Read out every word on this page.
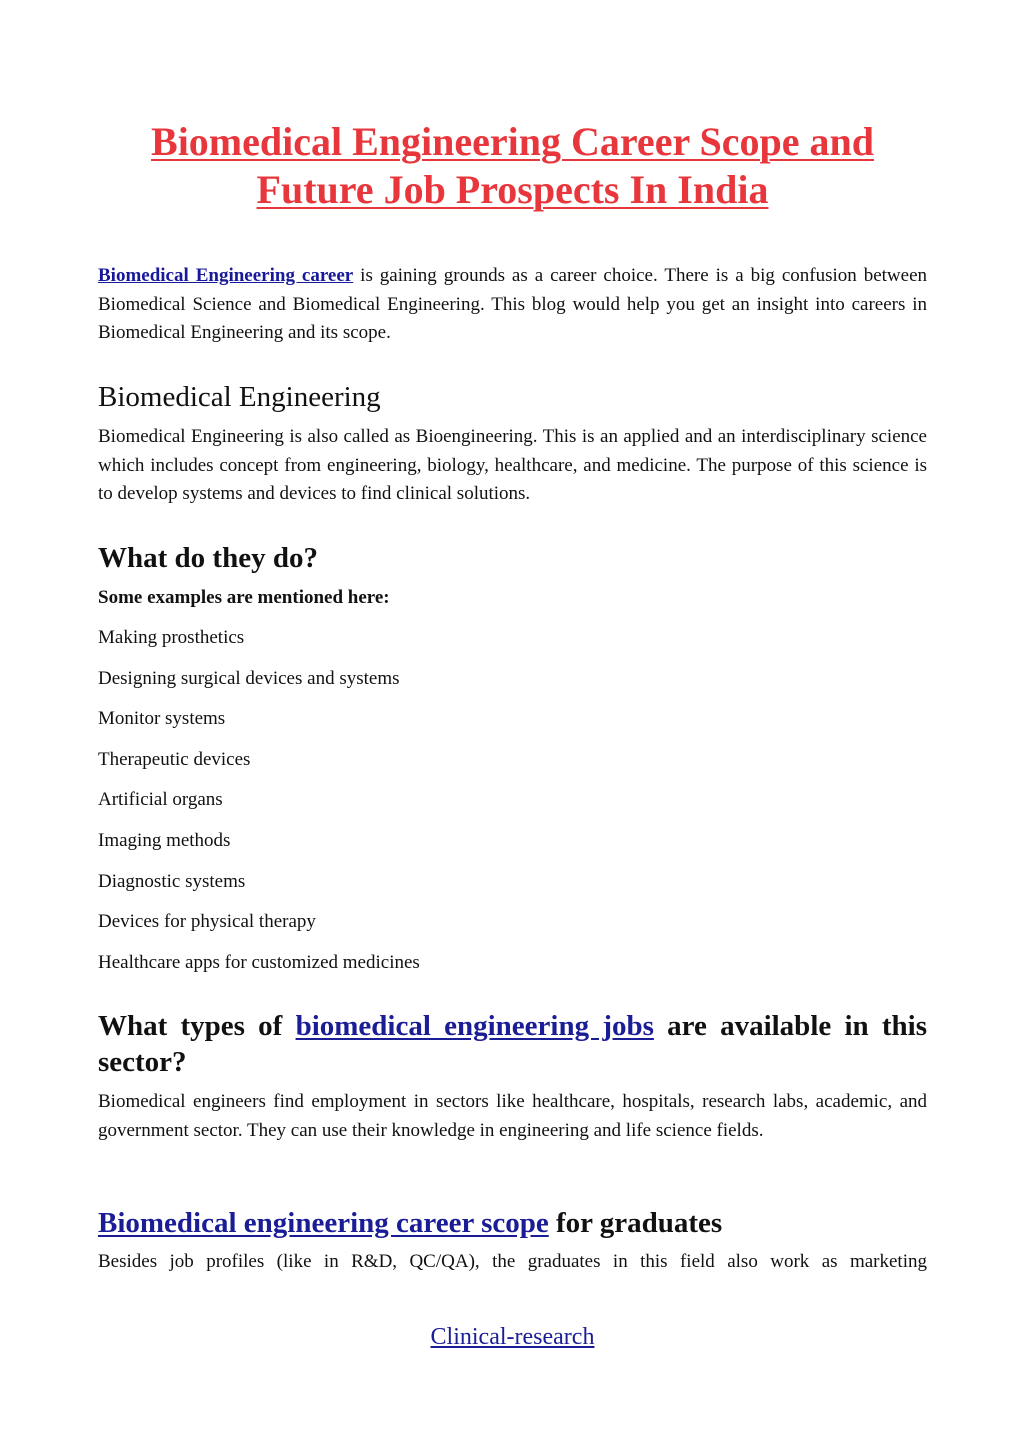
Biomedical Engineering Career Scope and
Future Job Prospects In India

Biomedical Engineering career is gaining grounds as a career choice. There is a big confusion between Biomedical Science and Biomedical Engineering. This blog would help you get an insight into careers in Biomedical Engineering and its scope.

Biomedical Engineering

Biomedical Engineering is also called as Bioengineering. This is an applied and an interdisciplinary science which includes concept from engineering, biology, healthcare, and medicine. The purpose of this science is to develop systems and devices to find clinical solutions.

What do they do?

Some examples are mentioned here:

Making prosthetics
Designing surgical devices and systems
Monitor systems
Therapeutic devices
Artificial organs
Imaging methods
Diagnostic systems
Devices for physical therapy
Healthcare apps for customized medicines
What types of biomedical engineering jobs are available in this sector?

Biomedical engineers find employment in sectors like healthcare, hospitals, research labs, academic, and government sector. They can use their knowledge in engineering and life science fields.

Biomedical engineering career scope for graduates

Besides job profiles (like in R&D, QC/QA), the graduates in this field also work as marketing

Clinical-research
